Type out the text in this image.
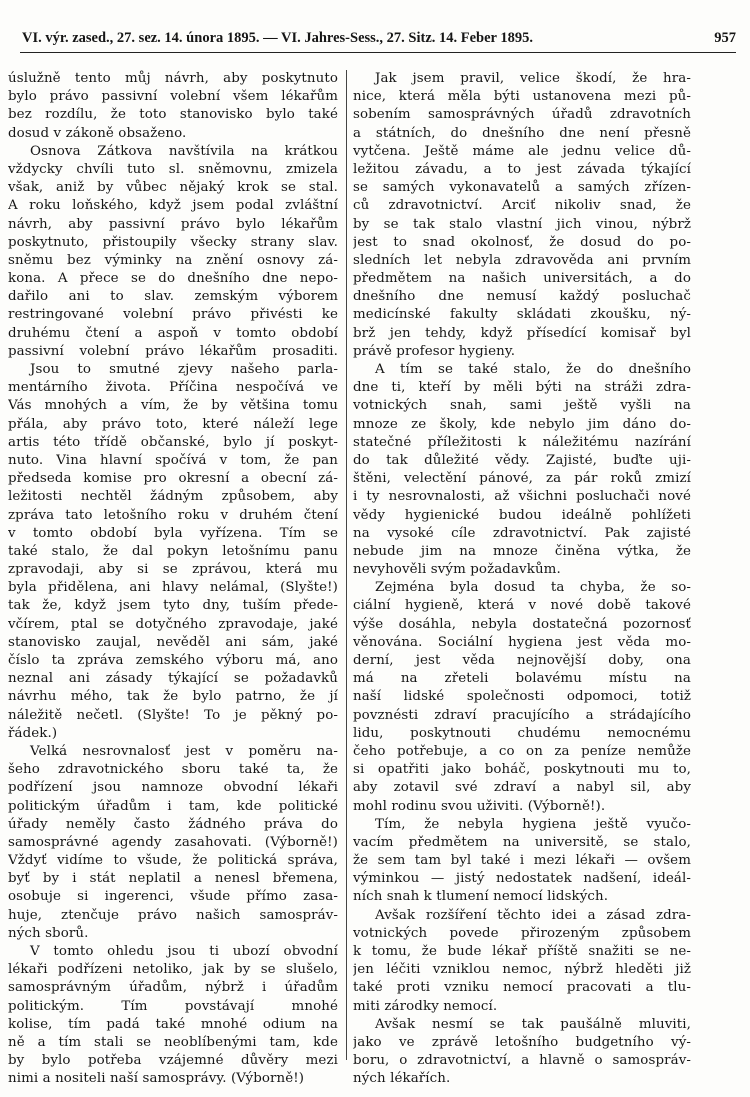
VI. výr. zased., 27. sez. 14. února 1895. — VI. Jahres-Sess., 27. Sitz. 14. Feber 1895.	957
úslužně tento můj návrh, aby poskytnuto
bylo právo passivní volební všem lékařům
bez rozdílu, že toto stanovisko bylo také
dosud v zákoně obsaženo.
Osnova Zátkova navštívila na krátkou
vždycky chvíli tuto sl. sněmovnu, zmizela
však, aniž by vůbec nějaký krok se stal.
A roku loňského, když jsem podal zvláštní
návrh, aby passivní právo bylo lékařům
poskytnuto, přistoupily všecky strany slav.
sněmu bez výminky na znění osnovy zá-
kona. A přece se do dnešního dne nepo-
dařilo ani to slav. zemským výborem
restringované volební právo přivésti ke
druhému čtení a aspoň v tomto období
passivní volební právo lékařům prosaditi.
Jsou to smutné zjevy našeho parla-
mentárního života. Příčina nespočívá ve
Vás mnohých a vím, že by většina tomu
přála, aby právo toto, které náleží lege
artis této třídě občanské, bylo jí poskyt-
nuto. Vina hlavní spočívá v tom, že pan
předseda komise pro okresní a obecní zá-
ležitosti nechtěl žádným způsobem, aby
zpráva tato letošního roku v druhém čtení
v tomto období byla vyřízena. Tím se
také stalo, že dal pokyn letošnímu panu
zpravodaji, aby si se zprávou, která mu
byla přidělena, ani hlavy nelámal, (Slyšte!)
tak že, když jsem tyto dny, tuším přede-
včírem, ptal se dotyčného zpravodaje, jaké
stanovisko zaujal, nevěděl ani sám, jaké
číslo ta zpráva zemského výboru má, ano
neznal ani zásady týkající se požadavků
návrhu mého, tak že bylo patrno, že jí
náležitě nečetl. (Slyšte! To je pěkný po-
řádek.)
Velká nesrovnalosť jest v poměru na-
šeho zdravotnického sboru také ta, že
podřízení jsou namnoze obvodní lékaři
politickým úřadům i tam, kde politické
úřady neměly často žádného práva do
samosprávné agendy zasahovati. (Výborně!)
Vždyť vidíme to všude, že politická správa,
byť by i stát neplatil a nenesl břemena,
osobuje si ingerenci, všude přímo zasa-
huje, ztenčuje právo našich samospráv-
ných sborů.
V tomto ohledu jsou ti ubozí obvodní
lékaři podřízeni netoliko, jak by se slušelo,
samosprávným úřadům, nýbrž i úřadům
politickým. Tím povstávají mnohé
kolise, tím padá také mnohé odium na
ně a tím stali se neoblíbenými tam, kde
by bylo potřeba vzájemné důvěry mezi
nimi a nositeli naší samosprávy. (Výborně!)
Jak jsem pravil, velice škodí, že hra-
nice, která měla býti ustanovena mezi pů-
sobením samosprávných úřadů zdravotních
a státních, do dnešního dne není přesně
vytčena. Ještě máme ale jednu velice dů-
ležitou závadu, a to jest závada týkající
se samých vykonavatelů a samých zřízen-
ců zdravotnictví. Arciť nikoliv snad, že
by se tak stalo vlastní jich vinou, nýbrž
jest to snad okolnosť, že dosud do po-
sledních let nebyla zdravověda ani prvním
předmětem na našich universitách, a do
dnešního dne nemusí každý posluchač
medicínské fakulty skládati zkoušku, ný-
brž jen tehdy, když přísedící komisař byl
právě profesor hygieny.
A tím se také stalo, že do dnešního
dne ti, kteří by měli býti na stráži zdra-
votnických snah, sami ještě vyšli na
mnoze ze školy, kde nebylo jim dáno do-
statečné příležitosti k náležitému nazírání
do tak důležité vědy. Zajisté, buďte uji-
štěni, velectění pánové, za pár roků zmizí
i ty nesrovnalosti, až všichni posluchači nové
vědy hygienické budou ideálně pohlížeti
na vysoké cíle zdravotnictví. Pak zajisté
nebude jim na mnoze činěna výtka, že
nevyhověli svým požadavkům.
Zejména byla dosud ta chyba, že so-
ciální hygieně, která v nové době takové
výše dosáhla, nebyla dostatečná pozornosť
věnována. Sociální hygiena jest věda mo-
derní, jest věda nejnovější doby, ona
má na zřeteli bolavému místu na
naší lidské společnosti odpomoci, totiž
povznésti zdraví pracujícího a strádajícího
lidu, poskytnouti chudému nemocnému
čeho potřebuje, a co on za peníze nemůže
si opatřiti jako boháč, poskytnouti mu to,
aby zotavil své zdraví a nabyl sil, aby
mohl rodinu svou uživiti. (Výborně!).
Tím, že nebyla hygiena ještě vyučo-
vacím předmětem na universitě, se stalo,
že sem tam byl také i mezi lékaři — ovšem
výminkou — jistý nedostatek nadšení, ideál-
ních snah k tlumení nemocí lidských.
Avšak rozšíření těchto idei a zásad zdra-
votnických povede přirozeným způsobem
k tomu, že bude lékař příště snažiti se ne-
jen léčiti vzniklou nemoc, nýbrž hleděti již
také proti vzniku nemocí pracovati a tlu-
miti zárodky nemocí.
Avšak nesmí se tak paušálně mluviti,
jako ve zprávě letošního budgetního vý-
boru, o zdravotnictví, a hlavně o samospráv-
ných lékařích.
